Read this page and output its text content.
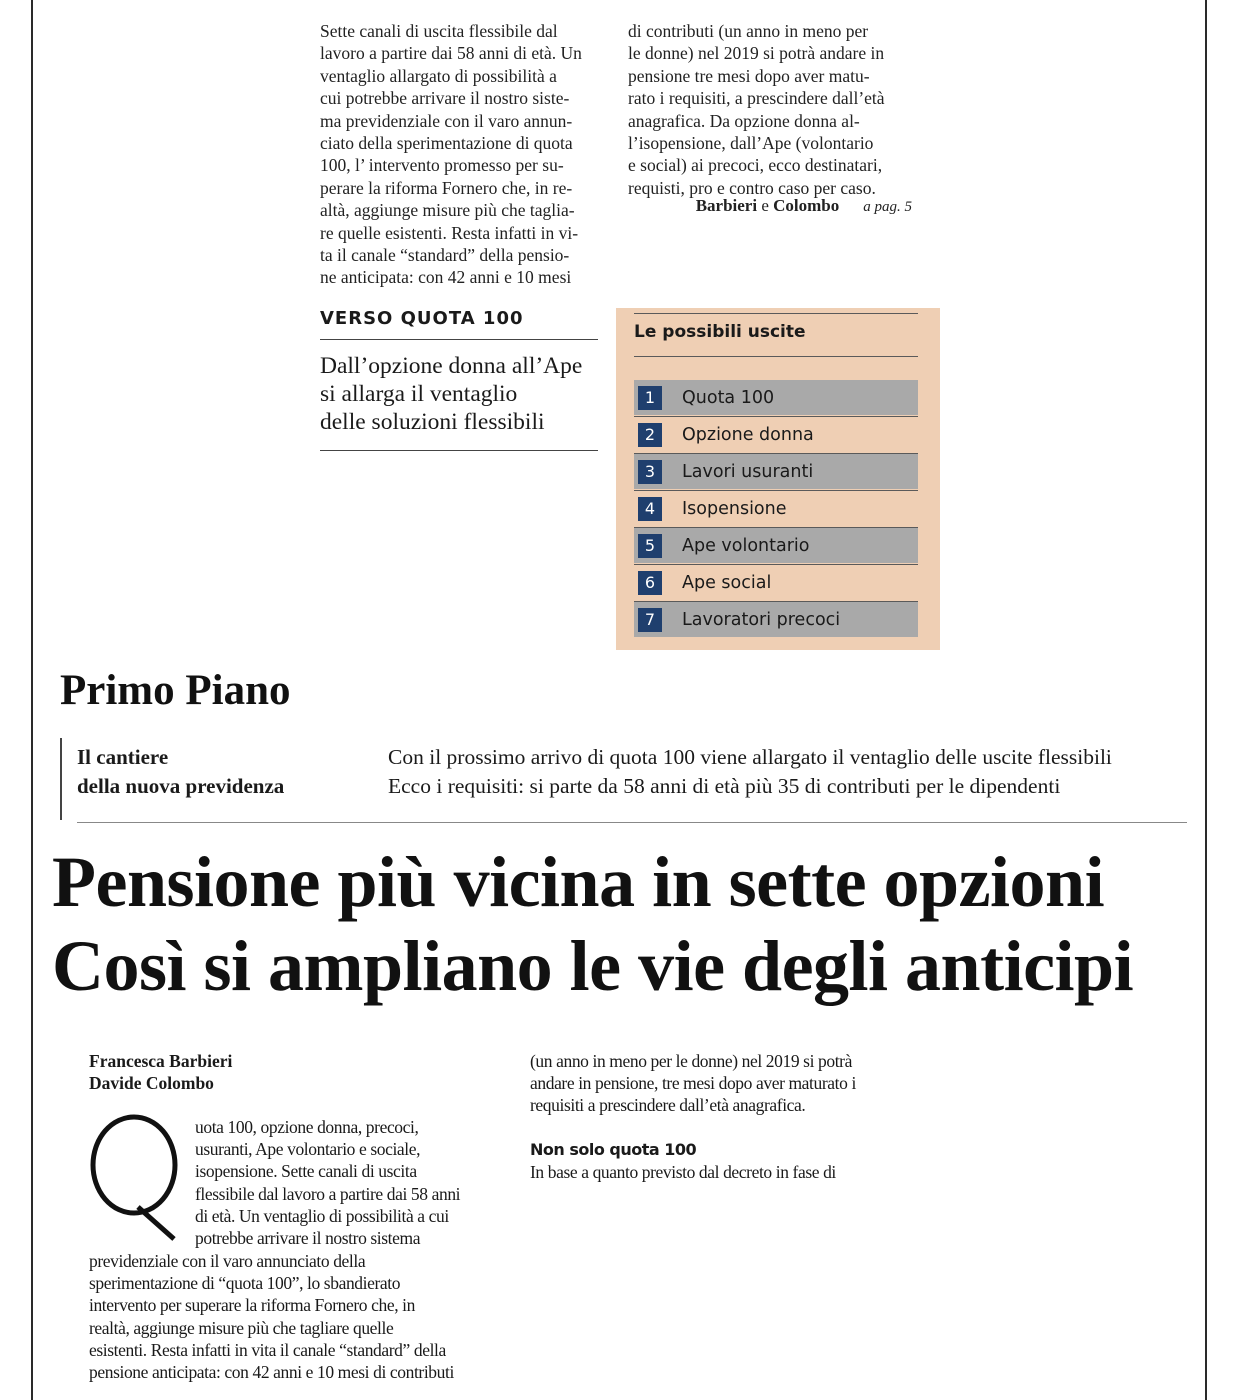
Sette canali di uscita flessibile dal

lavoro a partire dai 58 anni di età. Un

ventaglio allargato di possibilità a

cui potrebbe arrivare il nostro siste-

ma previdenziale con il varo annun-

ciato della sperimentazione di quota

100, l’ intervento promesso per su-

perare la riforma Fornero che, in re-

altà, aggiunge misure più che taglia-

re quelle esistenti. Resta infatti in vi-

ta il canale “standard” della pensio-

ne anticipata: con 42 anni e 10 mesi

di contributi (un anno in meno per

le donne) nel 2019 si potrà andare in

pensione tre mesi dopo aver matu-

rato i requisiti, a prescindere dall’età

anagrafica. Da opzione donna al-

l’isopensione, dall’Ape (volontario

e social) ai precoci, ecco destinatari,

requisti, pro e contro caso per caso.

Barbieri e Colombo a pag. 5
VERSO QUOTA 100

Dall’opzione donna all’Ape

si allarga il ventaglio

delle soluzioni flessibili

Le possibili uscite
1	Quota 100
2	Opzione donna
3	Lavori usuranti
4	Isopensione
5	Ape volontario
6	Ape social
7	Lavoratori precoci
Primo Piano

Il cantiere

della nuova previdenza

Con il prossimo arrivo di quota 100 viene allargato il ventaglio delle uscite flessibili

Ecco i requisiti: si parte da 58 anni di età più 35 di contributi per le dipendenti

Pensione più vicina in sette opzioni

Così si ampliano le vie degli anticipi

Francesca Barbieri

Davide Colombo

uota 100, opzione donna, precoci,

usuranti, Ape volontario e sociale,

isopensione. Sette canali di uscita

flessibile dal lavoro a partire dai 58 anni

di età. Un ventaglio di possibilità a cui

potrebbe arrivare il nostro sistema

previdenziale con il varo annunciato della

sperimentazione di “quota 100”, lo sbandierato

intervento per superare la riforma Fornero che, in

realtà, aggiunge misure più che tagliare quelle

esistenti. Resta infatti in vita il canale “standard” della

pensione anticipata: con 42 anni e 10 mesi di contributi

(un anno in meno per le donne) nel 2019 si potrà

andare in pensione, tre mesi dopo aver maturato i

requisiti a prescindere dall’età anagrafica.

Non solo quota 100

In base a quanto previsto dal decreto in fase di
